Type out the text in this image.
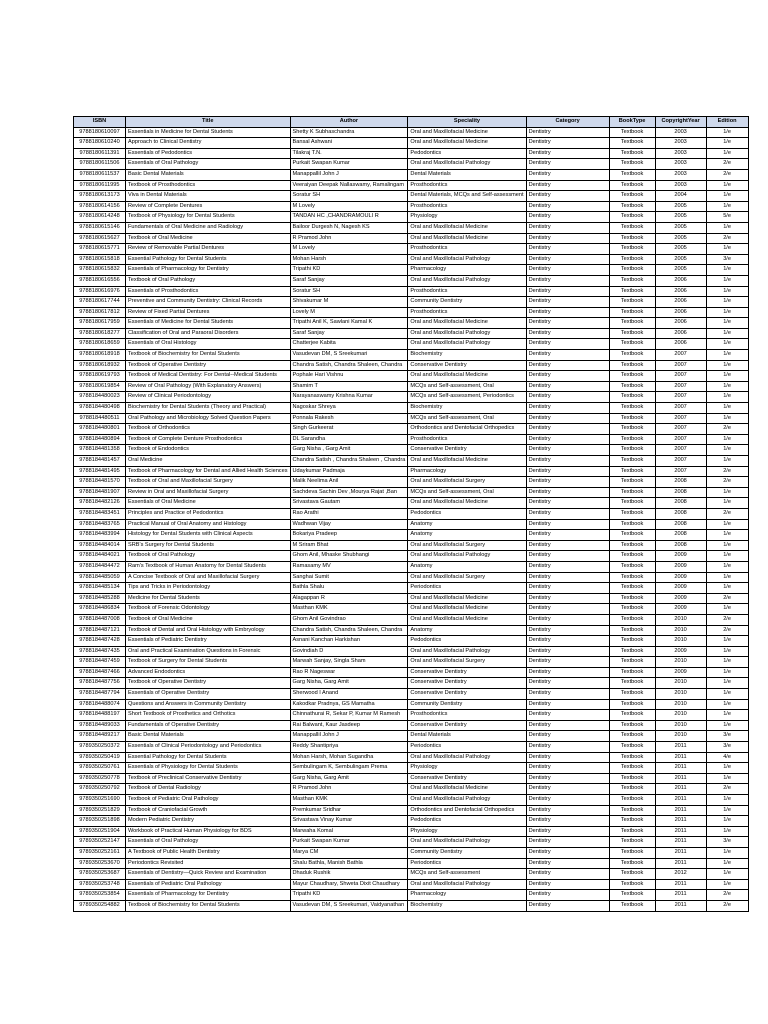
ISBN	Title	Author	Speciality	Category	BookType	CopyrightYear	Edition
9788180610097	Essentials in Medicine for Dental Students	Shetty K Subhaschandra	Oral and Maxillofacial Medicine	Dentistry	Textbook	2003	1/e
9788180610240	Approach to Clinical Dentistry	Bansal Ashwani	Oral and Maxillofacial Medicine	Dentistry	Textbook	2003	1/e
9788180611391	Essentials of Pedodontics	Tilakraj T.N.	Pedodontics	Dentistry	Textbook	2003	1/e
9788180611506	Essentials of Oral Pathology	Purkait Swapan Kumar	Oral and Maxillofacial Pathology	Dentistry	Textbook	2003	2/e
9788180611537	Basic Dental Materials	Manappallil John J	Dental Materials	Dentistry	Textbook	2003	2/e
9788180611995	Textbook of Prosthodontics	Veeraiyan Deepak Nallaswamy, Ramalingam	Prosthodontics	Dentistry	Textbook	2003	1/e
9788180613173	Viva in Dental Materials	Soratur SH	Dental Materials, MCQs and Self-assessment	Dentistry	Textbook	2004	1/e
9788180614156	Review of Complete Dentures	M Lovely	Prosthodontics	Dentistry	Textbook	2005	1/e
9788180614248	Textbook of Physiology for Dental Students	TANDAN HC ,CHANDRAMOULI R	Physiology	Dentistry	Textbook	2005	5/e
9788180615146	Fundamentals of Oral Medicine and Radiology	Bailoor Durgesh N, Nagesh KS	Oral and Maxillofacial Medicine	Dentistry	Textbook	2005	1/e
9788180615627	Textbook of Oral Medicine	R Pramod John	Oral and Maxillofacial Medicine	Dentistry	Textbook	2005	2/e
9788180615771	Review of Removable Partial Dentures	M Lovely	Prosthodontics	Dentistry	Textbook	2005	1/e
9788180615818	Essential Pathology for Dental Students	Mohan Harsh	Oral and Maxillofacial Pathology	Dentistry	Textbook	2005	3/e
9788180615832	Essentials of Pharmacology for Dentistry	Tripathi KD	Pharmacology	Dentistry	Textbook	2005	1/e
9788180616556	Textbook of Oral Pathology	Saraf Sanjay	Oral and Maxillofacial Pathology	Dentistry	Textbook	2006	1/e
9788180616976	Essentials of Prosthodontics	Soratur SH	Prosthodontics	Dentistry	Textbook	2006	1/e
9788180617744	Preventive and Community Dentistry: Clinical Records	Shivakumar M	Community Dentistry	Dentistry	Textbook	2006	1/e
9788180617812	Review of Fixed Partial Dentures	Lovely M	Prosthodontics	Dentistry	Textbook	2006	1/e
9788180617959	Essentials of Medicine for Dental Students	Tripathi Anil K, Sawlani Kamal K	Oral and Maxillofacial Medicine	Dentistry	Textbook	2006	1/e
9788180618277	Classification of Oral and Paraoral Disorders	Saraf Sanjay	Oral and Maxillofacial Pathology	Dentistry	Textbook	2006	1/e
9788180618659	Essentials of Oral Histology	Chatterjee Kabita	Oral and Maxillofacial Pathology	Dentistry	Textbook	2006	1/e
9788180618918	Textbook of Biochemistry for Dental Students	Vasudevan DM, S Sreekumari	Biochemistry	Dentistry	Textbook	2007	1/e
9788180618932	Textbook of Operative Dentistry	Chandra Satish, Chandra Shaleen, Chandra	Conservative Dentistry	Dentistry	Textbook	2007	1/e
9788180619793	Textbook of Medical Dentistry: For Dental--Medical Students	Pophale Hari Vishnu	Oral and Maxillofacial Medicine	Dentistry	Textbook	2007	1/e
9788180619854	Review of Oral Pathology (With Explanatory Answers)	Shamim T	MCQs and Self-assessment, Oral	Dentistry	Textbook	2007	1/e
9788184480023	Review of Clinical Periodontology	Narayanaswamy Krishna Kumar	MCQs and Self-assessment, Periodontics	Dentistry	Textbook	2007	1/e
9788184480498	Biochemistry for Dental Students (Theory and Practical)	Nagoskar Shreya	Biochemistry	Dentistry	Textbook	2007	1/e
9788184480511	Oral Pathology and Microbiology Solved Question Papers	Ponnala Rakesh	MCQs and Self-assessment, Oral	Dentistry	Textbook	2007	1/e
9788184480801	Textbook of Orthodontics	Singh Gurkeerat	Orthodontics and Dentofacial Orthopedics	Dentistry	Textbook	2007	2/e
9788184480894	Textbook of Complete Denture Prosthodontics	DL Sarandha	Prosthodontics	Dentistry	Textbook	2007	1/e
9788184481358	Textbook of Endodontics	Garg Nisha , Garg Amit	Conservative Dentistry	Dentistry	Textbook	2007	1/e
9788184481457	Oral Medicine	Chandra Satish , Chandra Shaleen , Chandra	Oral and Maxillofacial Medicine	Dentistry	Textbook	2007	1/e
9788184481495	Textbook of Pharmacology for Dental and Allied Health Sciences	Udaykumar Padmaja	Pharmacology	Dentistry	Textbook	2007	2/e
9788184481570	Textbook of Oral and Maxillofacial Surgery	Malik Neelima Anil	Oral and Maxillofacial Surgery	Dentistry	Textbook	2008	2/e
9788184481907	Review in Oral and Maxillofacial Surgery	Sachdeva Sachin Dev ,Mourya Rajat ,Ban	MCQs and Self-assessment, Oral	Dentistry	Textbook	2008	1/e
9788184482126	Essentials of Oral Medicine	Srivastava Gautam	Oral and Maxillofacial Medicine	Dentistry	Textbook	2008	1/e
9788184483451	Principles and Practice of Pedodontics	Rao Arathi	Pedodontics	Dentistry	Textbook	2008	2/e
9788184483765	Practical Manual of Oral Anatomy and Histology	Wadhwan Vijay	Anatomy	Dentistry	Textbook	2008	1/e
9788184483994	Histology for Dental Students with Clinical Aspects	Bokariya Pradeep	Anatomy	Dentistry	Textbook	2008	1/e
9788184484014	SRB's Surgery for Dental Students	M Sriram Bhat	Oral and Maxillofacial Surgery	Dentistry	Textbook	2008	1/e
9788184484021	Textbook of Oral Pathology	Ghom Anil, Mhaske Shubhangi	Oral and Maxillofacial Pathology	Dentistry	Textbook	2009	1/e
9788184484472	Ram's Textbook of Human Anatomy for Dental Students	Ramasamy MV	Anatomy	Dentistry	Textbook	2009	1/e
9788184485059	A Concise Textbook of Oral and Maxillofacial Surgery	Sanghai Sumit	Oral and Maxillofacial Surgery	Dentistry	Textbook	2009	1/e
9788184485134	Tips and Tricks in Periodontology	Bathla Shalu	Periodontics	Dentistry	Textbook	2009	1/e
9788184485288	Medicine for Dental Students	Alagappan R	Oral and Maxillofacial Medicine	Dentistry	Textbook	2009	2/e
9788184486834	Textbook of Forensic Odontology	Masthan KMK	Oral and Maxillofacial Medicine	Dentistry	Textbook	2009	1/e
9788184487008	Textbook of Oral Medicine	Ghom Anil Govindrao	Oral and Maxillofacial Medicine	Dentistry	Textbook	2010	2/e
9788184487121	Textbook of Dental and Oral Histology with Embryology	Chandra Satish, Chandra Shaleen, Chandra	Anatomy	Dentistry	Textbook	2010	2/e
9788184487428	Essentials of Pediatric Dentistry	Asnani Kanchan Harkishan	Pedodontics	Dentistry	Textbook	2010	1/e
9788184487435	Oral and Practical Examination Questions in Forensic	Govindiah D	Oral and Maxillofacial Pathology	Dentistry	Textbook	2009	1/e
9788184487459	Textbook of Surgery for Dental Students	Marwah Sanjay, Singla Sham	Oral and Maxillofacial Surgery	Dentistry	Textbook	2010	1/e
9788184487466	Advanced Endodontics	Rao R Nageswar	Conservative Dentistry	Dentistry	Textbook	2009	1/e
9788184487756	Textbook of Operative Dentistry	Garg Nisha, Garg Amit	Conservative Dentistry	Dentistry	Textbook	2010	1/e
9788184487794	Essentials of Operative Dentistry	Sherwood I Anand	Conservative Dentistry	Dentistry	Textbook	2010	1/e
9788184488074	Questions and Answers in Community Dentistry	Kakodkar Pradnya, GS Mamatha	Community Dentistry	Dentistry	Textbook	2010	1/e
9788184488197	Short Textbook of Prosthetics and Orthotics	Chinnathurai R, Sekar P, Kumar M Ramesh	Prosthodontics	Dentistry	Textbook	2010	1/e
9788184489033	Fundamentals of Operative Dentistry	Rai Balwant, Kaur Jasdeep	Conservative Dentistry	Dentistry	Textbook	2010	1/e
9788184489217	Basic Dental Materials	Manappallil John J	Dental Materials	Dentistry	Textbook	2010	3/e
9789350250372	Essentials of Clinical Periodontology and Periodontics	Reddy Shantipriya	Periodontics	Dentistry	Textbook	2011	3/e
9789350250419	Essential Pathology for Dental Students	Mohan Harsh, Mohan Sugandha	Oral and Maxillofacial Pathology	Dentistry	Textbook	2011	4/e
9789350250761	Essentials of Physiology for Dental Students	Sembulingam K, Sembulingam Prema	Physiology	Dentistry	Textbook	2011	1/e
9789350250778	Textbook of Preclinical Conservative Dentistry	Garg Nisha, Garg Amit	Conservative Dentistry	Dentistry	Textbook	2011	1/e
9789350250792	Textbook of Dental Radiology	R Pramod John	Oral and Maxillofacial Medicine	Dentistry	Textbook	2011	2/e
9789350251690	Textbook of Pediatric Oral Pathology	Masthan KMK	Oral and Maxillofacial Pathology	Dentistry	Textbook	2011	1/e
9789350251829	Textbook of Craniofacial Growth	Premkumar Sridhar	Orthodontics and Dentofacial Orthopedics	Dentistry	Textbook	2011	1/e
9789350251898	Modern Pediatric Dentistry	Srivastava Vinay Kumar	Pedodontics	Dentistry	Textbook	2011	1/e
9789350251904	Workbook of Practical Human Physiology for BDS	Marwaha Komal	Physiology	Dentistry	Textbook	2011	1/e
9789350252147	Essentials of Oral Pathology	Purkait Swapan Kumar	Oral and Maxillofacial Pathology	Dentistry	Textbook	2011	3/e
9789350252161	A Textbook of Public Health Dentistry	Marya CM	Community Dentistry	Dentistry	Textbook	2011	1/e
9789350253670	Periodontics Revisited	Shalu Bathla, Manish Bathla	Periodontics	Dentistry	Textbook	2011	1/e
9789350253687	Essentials of Dentistry—Quick Review and Examination	Dhaduk Rushik	MCQs and Self-assessment	Dentistry	Textbook	2012	1/e
9789350253748	Essentials of Pediatric Oral Pathology	Mayur Chaudhary, Shweta Dixit Chaudhary	Oral and Maxillofacial Pathology	Dentistry	Textbook	2011	1/e
9789350253854	Essentials of Pharmacology for Dentistry	Tripathi KD	Pharmacology	Dentistry	Textbook	2011	2/e
9789350254882	Textbook of Biochemistry for Dental Students	Vasudevan DM, S Sreekumari, Vaidyanathan	Biochemistry	Dentistry	Textbook	2011	2/e
